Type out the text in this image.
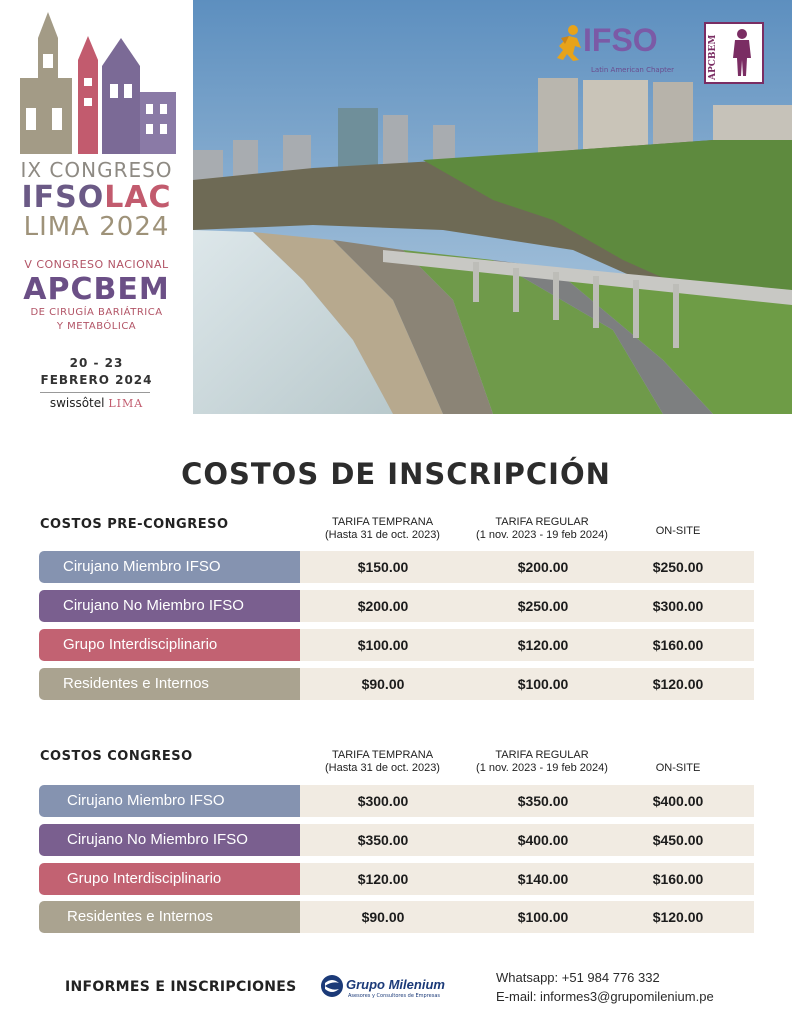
IX CONGRESO
IFSOLAC
LIMA 2024
V CONGRESO NACIONAL
APCBEM
DE CIRUGÍA BARIÁTRICA
Y METABÓLICA
20 - 23
FEBRERO 2024
swissôtel LIMA
IFSO
Latin American Chapter	APCBEM
COSTOS DE INSCRIPCIÓN
COSTOS PRE-CONGRESO	TARIFA TEMPRANA
(Hasta 31 de oct. 2023)
TARIFA REGULAR
(1 nov. 2023 - 19 feb 2024)	ON-SITE
Cirujano Miembro IFSO	$150.00	$200.00	$250.00
Cirujano No Miembro IFSO	$200.00	$250.00	$300.00
Grupo Interdisciplinario	$100.00	$120.00	$160.00
Residentes e Internos	$90.00	$100.00	$120.00
COSTOS CONGRESO	TARIFA TEMPRANA
(Hasta 31 de oct. 2023)
TARIFA REGULAR
(1 nov. 2023 - 19 feb 2024)	ON-SITE
Cirujano Miembro IFSO	$300.00	$350.00	$400.00
Cirujano No Miembro IFSO	$350.00	$400.00	$450.00
Grupo Interdisciplinario	$120.00	$140.00	$160.00
Residentes e Internos	$90.00	$100.00	$120.00
INFORMES E INSCRIPCIONES	Grupo Milenium
Asesores y Consultores de Empresas
Whatsapp: +51 984 776 332
E-mail: informes3@grupomilenium.pe
